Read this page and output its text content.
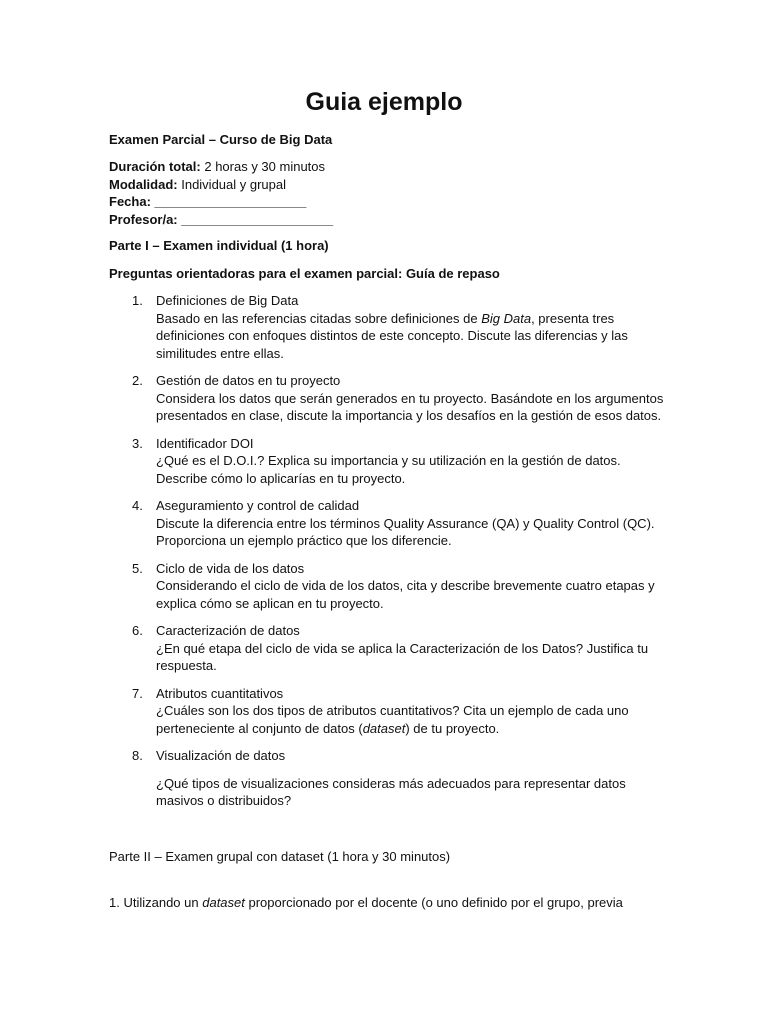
Guia ejemplo
Examen Parcial – Curso de Big Data
Duración total: 2 horas y 30 minutos
Modalidad: Individual y grupal
Fecha: _____________________
Profesor/a: _____________________
Parte I – Examen individual (1 hora)
Preguntas orientadoras para el examen parcial: Guía de repaso
1. Definiciones de Big Data
Basado en las referencias citadas sobre definiciones de Big Data, presenta tres definiciones con enfoques distintos de este concepto. Discute las diferencias y las similitudes entre ellas.
2. Gestión de datos en tu proyecto
Considera los datos que serán generados en tu proyecto. Basándote en los argumentos presentados en clase, discute la importancia y los desafíos en la gestión de esos datos.
3. Identificador DOI
¿Qué es el D.O.I.? Explica su importancia y su utilización en la gestión de datos. Describe cómo lo aplicarías en tu proyecto.
4. Aseguramiento y control de calidad
Discute la diferencia entre los términos Quality Assurance (QA) y Quality Control (QC). Proporciona un ejemplo práctico que los diferencie.
5. Ciclo de vida de los datos
Considerando el ciclo de vida de los datos, cita y describe brevemente cuatro etapas y explica cómo se aplican en tu proyecto.
6. Caracterización de datos
¿En qué etapa del ciclo de vida se aplica la Caracterización de los Datos? Justifica tu respuesta.
7. Atributos cuantitativos
¿Cuáles son los dos tipos de atributos cuantitativos? Cita un ejemplo de cada uno perteneciente al conjunto de datos (dataset) de tu proyecto.
8. Visualización de datos
¿Qué tipos de visualizaciones consideras más adecuados para representar datos masivos o distribuidos?
Parte II – Examen grupal con dataset (1 hora y 30 minutos)
1. Utilizando un dataset proporcionado por el docente (o uno definido por el grupo, previa
